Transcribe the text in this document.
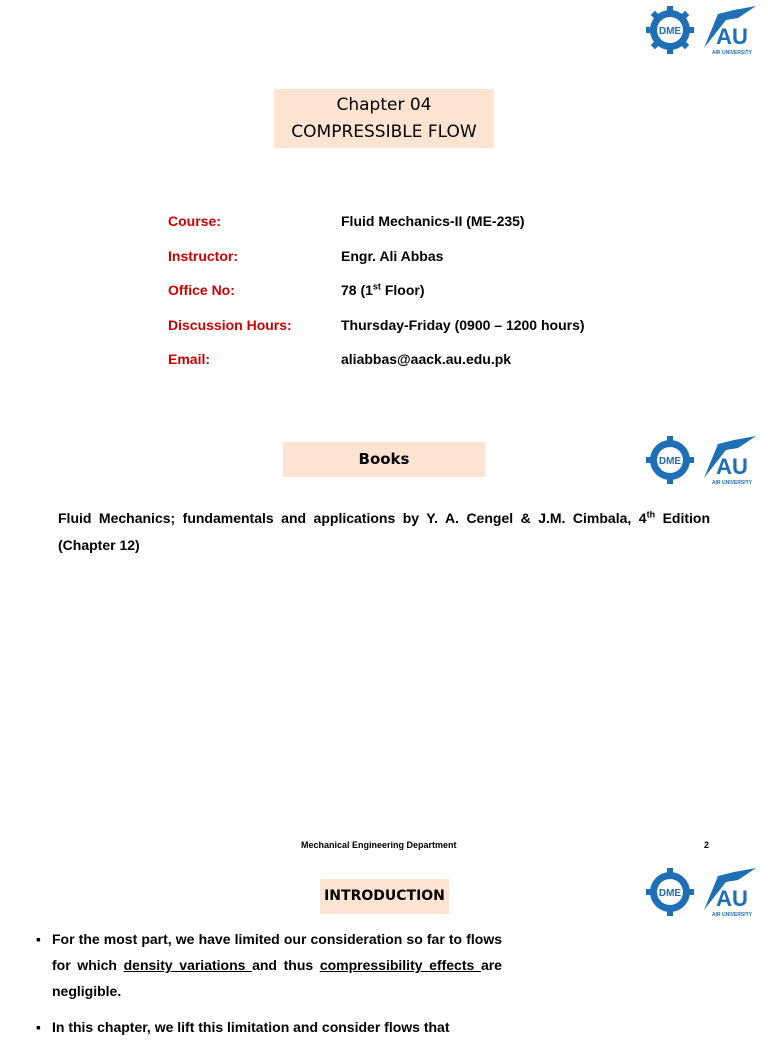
DME AU
AIR UNIVERSITY
DME AU
AIR UNIVERSITY
DME AU
AIR UNIVERSITY
Chapter 04
COMPRESSIBLE FLOW
Course:	Fluid Mechanics-II (ME-235)
Instructor:	Engr. Ali Abbas
Office No:	78 (1st Floor)
Discussion Hours:	Thursday-Friday (0900 – 1200 hours)
Email:	aliabbas@aack.au.edu.pk
Books
Fluid Mechanics; fundamentals and applications by Y. A. Cengel & J.M. Cimbala, 4th Edition (Chapter 12)
Mechanical Engineering Department	2
INTRODUCTION
▪ For the most part, we have limited our consideration so far to flows for which density variations and thus compressibility effects are negligible.
▪ In this chapter, we lift this limitation and consider flows that
